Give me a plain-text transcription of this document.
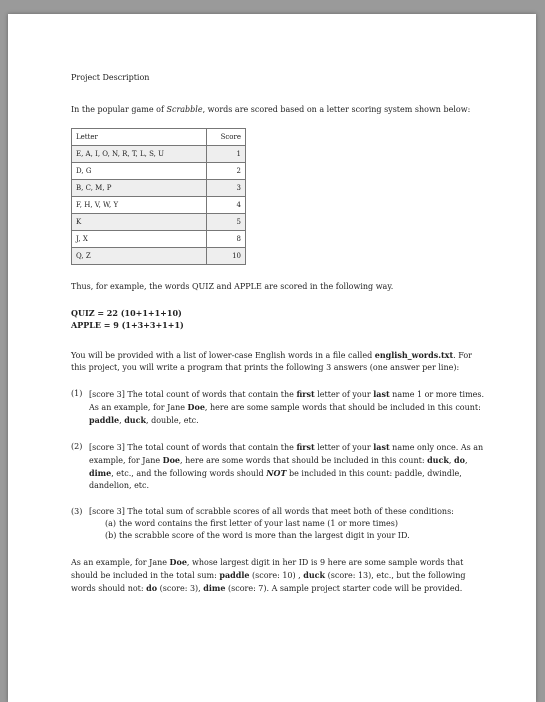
Project Description

In the popular game of Scrabble, words are scored based on a letter scoring system shown below:

Letter	Score
E, A, I, O, N, R, T, L, S, U	1
D, G	2
B, C, M, P	3
F, H, V, W, Y	4
K	5
J, X	8
Q, Z	10

Thus, for example, the words QUIZ and APPLE are scored in the following way.

QUIZ = 22 (10+1+1+10)

APPLE = 9 (1+3+3+1+1)

You will be provided with a list of lower-case English words in a file called english_words.txt. For this project, you will write a program that prints the following 3 answers (one answer per line):

(1) [score 3] The total count of words that contain the first letter of your last name 1 or more times. As an example, for Jane Doe, here are some sample words that should be included in this count: paddle, duck, double, etc.
(2) [score 3] The total count of words that contain the first letter of your last name only once. As an example, for Jane Doe, here are some words that should be included in this count: duck, do, dime, etc., and the following words should NOT be included in this count: paddle, dwindle, dandelion, etc.
(3) [score 3] The total sum of scrabble scores of all words that meet both of these conditions:
(a) the word contains the first letter of your last name (1 or more times)
(b) the scrabble score of the word is more than the largest digit in your ID.

As an example, for Jane Doe, whose largest digit in her ID is 9 here are some sample words that should be included in the total sum: paddle (score: 10) , duck (score: 13), etc., but the following words should not: do (score: 3), dime (score: 7). A sample project starter code will be provided.
